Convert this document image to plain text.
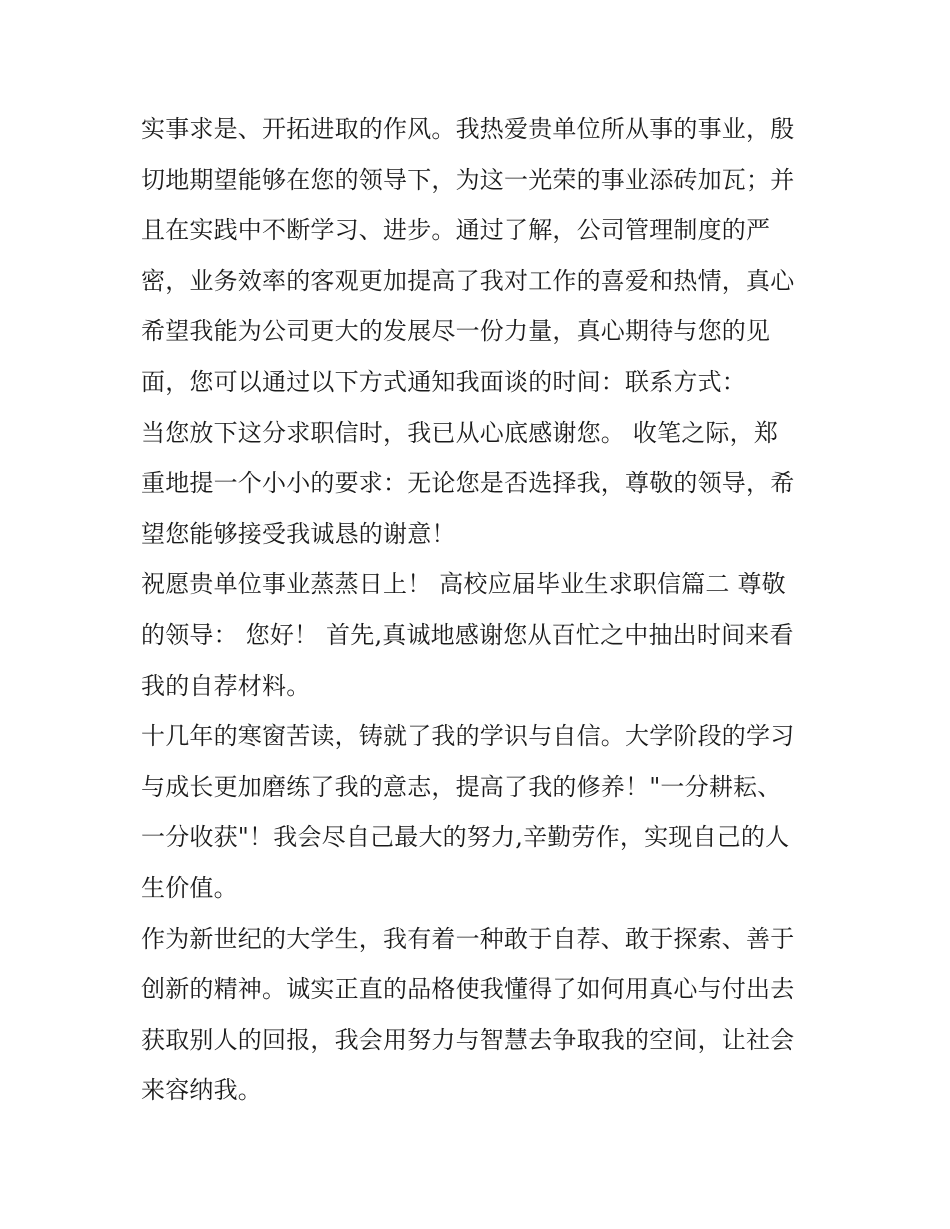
实事求是、开拓进取的作风。我热爱贵单位所从事的事业，殷
切地期望能够在您的领导下，为这一光荣的事业添砖加瓦；并
且在实践中不断学习、进步。通过了解，公司管理制度的严
密，业务效率的客观更加提高了我对工作的喜爱和热情，真心
希望我能为公司更大的发展尽一份力量，真心期待与您的见
面，您可以通过以下方式通知我面谈的时间：联系方式：
当您放下这分求职信时，我已从心底感谢您。 收笔之际，郑
重地提一个小小的要求：无论您是否选择我，尊敬的领导，希
望您能够接受我诚恳的谢意！
祝愿贵单位事业蒸蒸日上！ 高校应届毕业生求职信篇二 尊敬
的领导： 您好！ 首先,真诚地感谢您从百忙之中抽出时间来看
我的自荐材料。
十几年的寒窗苦读，铸就了我的学识与自信。大学阶段的学习
与成长更加磨练了我的意志，提高了我的修养！"一分耕耘、
一分收获"！我会尽自己最大的努力,辛勤劳作，实现自己的人
生价值。
作为新世纪的大学生，我有着一种敢于自荐、敢于探索、善于
创新的精神。诚实正直的品格使我懂得了如何用真心与付出去
获取别人的回报，我会用努力与智慧去争取我的空间，让社会
来容纳我。
